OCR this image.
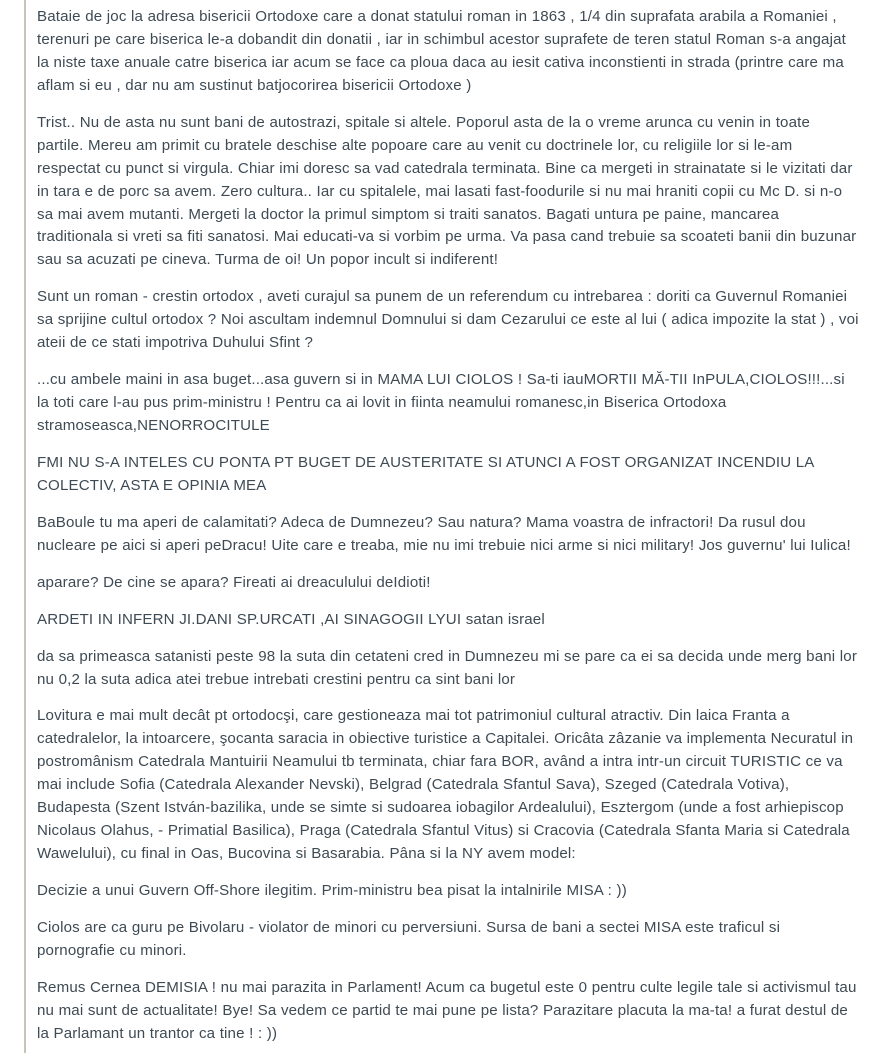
Bataie de joc la adresa bisericii Ortodoxe care a donat statului roman in 1863 , 1/4 din suprafata arabila a Romaniei , terenuri pe care biserica le-a dobandit din donatii , iar in schimbul acestor suprafete de teren statul Roman s-a angajat la niste taxe anuale catre biserica iar acum se face ca ploua daca au iesit cativa inconstienti in strada (printre care ma aflam si eu , dar nu am sustinut batjocorirea bisericii Ortodoxe )

Trist.. Nu de asta nu sunt bani de autostrazi, spitale si altele. Poporul asta de la o vreme arunca cu venin in toate partile. Mereu am primit cu bratele deschise alte popoare care au venit cu doctrinele lor, cu religiile lor si le-am respectat cu punct si virgula. Chiar imi doresc sa vad catedrala terminata. Bine ca mergeti in strainatate si le vizitati dar in tara e de porc sa avem. Zero cultura.. Iar cu spitalele, mai lasati fast-foodurile si nu mai hraniti copii cu Mc D. si n-o sa mai avem mutanti. Mergeti la doctor la primul simptom si traiti sanatos. Bagati untura pe paine, mancarea traditionala si vreti sa fiti sanatosi. Mai educati-va si vorbim pe urma. Va pasa cand trebuie sa scoateti banii din buzunar sau sa acuzati pe cineva. Turma de oi! Un popor incult si indiferent!

Sunt un roman - crestin ortodox , aveti curajul sa punem de un referendum cu intrebarea : doriti ca Guvernul Romaniei sa sprijine cultul ortodox ? Noi ascultam indemnul Domnului si dam Cezarului ce este al lui ( adica impozite la stat ) , voi ateii de ce stati impotriva Duhului Sfint ?

...cu ambele maini in asa buget...asa guvern si in MAMA LUI CIOLOS ! Sa-ti iauMORTII MĂ-TII InPULA,CIOLOS!!!...si la toti care l-au pus prim-ministru ! Pentru ca ai lovit in fiinta neamului romanesc,in Biserica Ortodoxa stramoseasca,NENORROCITULE

FMI NU S-A INTELES CU PONTA PT BUGET DE AUSTERITATE SI ATUNCI A FOST ORGANIZAT INCENDIU LA COLECTIV, ASTA E OPINIA MEA

BaBoule tu ma aperi de calamitati? Adeca de Dumnezeu? Sau natura? Mama voastra de infractori! Da rusul dou nucleare pe aici si aperi peDracu! Uite care e treaba, mie nu imi trebuie nici arme si nici military! Jos guvernu' lui Iulica!

aparare? De cine se apara? Fireati ai dreaculului deIdioti!

ARDETI IN INFERN JI.DANI SP.URCATI ,AI SINAGOGII LYUI satan israel

da sa primeasca satanisti peste 98 la suta din cetateni cred in Dumnezeu mi se pare ca ei sa decida unde merg bani lor nu 0,2 la suta adica atei trebue intrebati crestini pentru ca sint bani lor

Lovitura e mai mult decât pt ortodocşi, care gestioneaza mai tot patrimoniul cultural atractiv. Din laica Franta a catedralelor, la intoarcere, şocanta saracia in obiective turistice a Capitalei. Oricâta zâzanie va implementa Necuratul in postromânism Catedrala Mantuirii Neamului tb terminata, chiar fara BOR, având a intra intr-un circuit TURISTIC ce va mai include Sofia (Catedrala Alexander Nevski), Belgrad (Catedrala Sfantul Sava), Szeged (Catedrala Votiva), Budapesta (Szent István-bazilika, unde se simte si sudoarea iobagilor Ardealului), Esztergom (unde a fost arhiepiscop Nicolaus Olahus, - Primatial Basilica), Praga (Catedrala Sfantul Vitus) si Cracovia (Catedrala Sfanta Maria si Catedrala Wawelului), cu final in Oas, Bucovina si Basarabia. Pâna si la NY avem model:

Decizie a unui Guvern Off-Shore ilegitim. Prim-ministru bea pisat la intalnirile MISA : ))

Ciolos are ca guru pe Bivolaru - violator de minori cu perversiuni. Sursa de bani a sectei MISA este traficul si pornografie cu minori.

Remus Cernea DEMISIA ! nu mai parazita in Parlament! Acum ca bugetul este 0 pentru culte legile tale si activismul tau nu mai sunt de actualitate! Bye! Sa vedem ce partid te mai pune pe lista? Parazitare placuta la ma-ta! a furat destul de la Parlamant un trantor ca tine ! : ))
